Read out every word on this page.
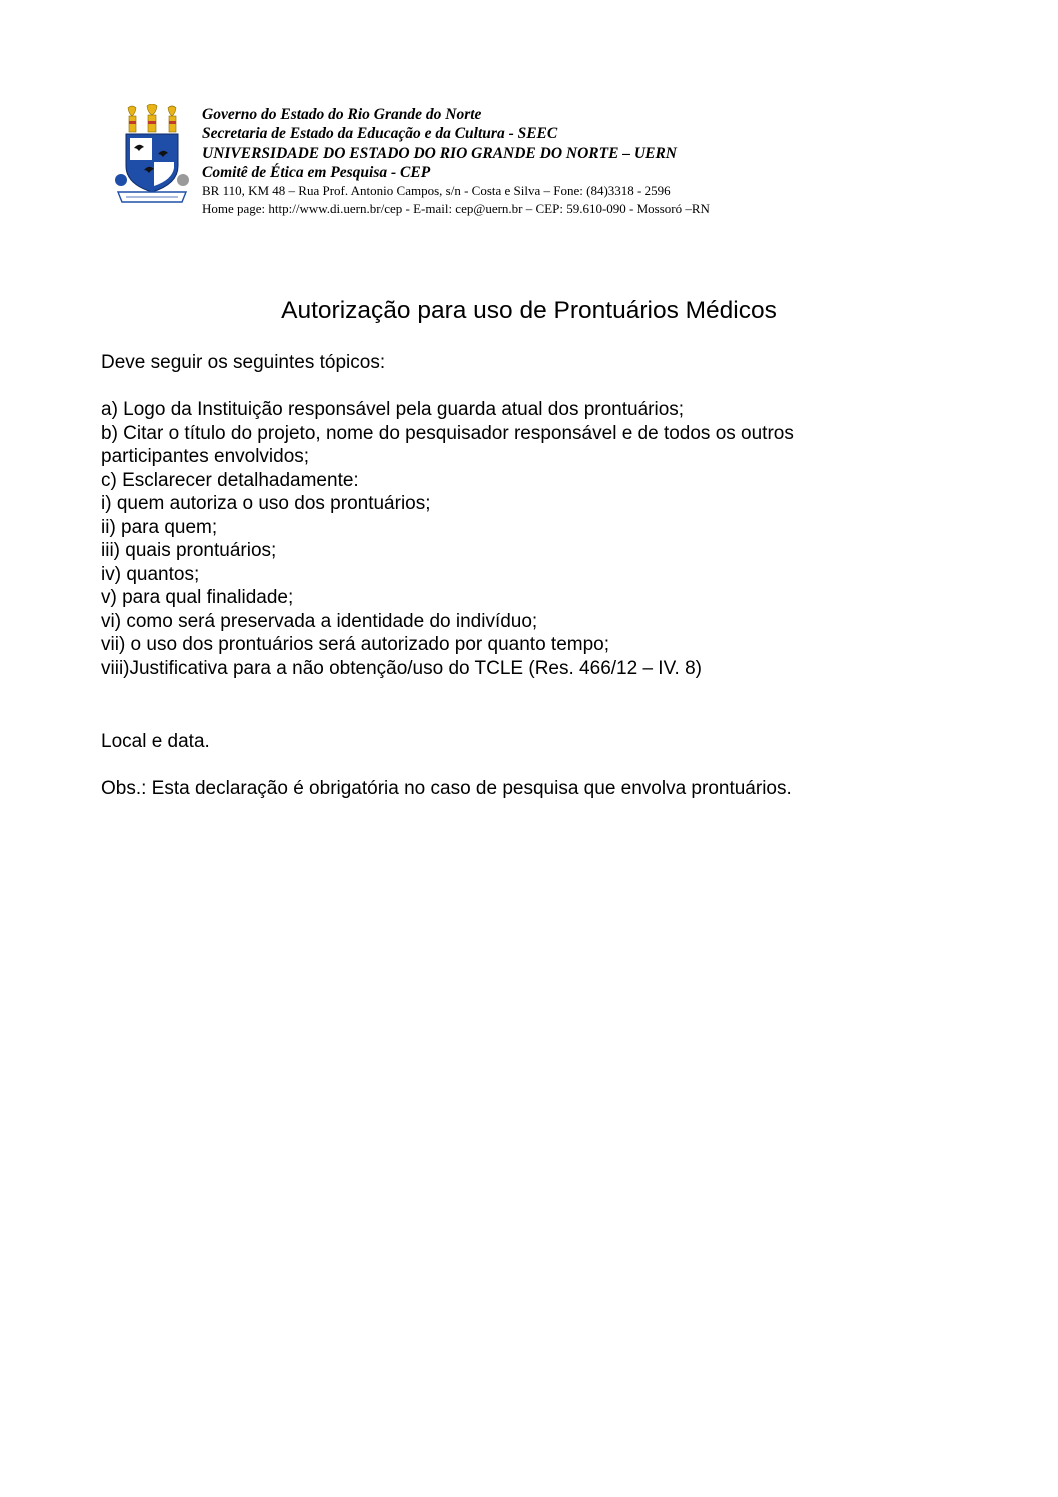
Governo do Estado do Rio Grande do Norte
Secretaria de Estado da Educação e da Cultura - SEEC
UNIVERSIDADE DO ESTADO DO RIO GRANDE DO NORTE – UERN
Comitê de Ética em Pesquisa - CEP
BR 110, KM 48 – Rua Prof. Antonio Campos, s/n - Costa e Silva – Fone: (84)3318 - 2596
Home page: http://www.di.uern.br/cep - E-mail: cep@uern.br – CEP: 59.610-090 - Mossoró –RN
Autorização para uso de Prontuários Médicos
Deve seguir os seguintes tópicos:
a) Logo da Instituição responsável pela guarda atual dos prontuários;
b) Citar o título do projeto, nome do pesquisador responsável e de todos os outros
participantes envolvidos;
c) Esclarecer detalhadamente:
i) quem autoriza o uso dos prontuários;
ii) para quem;
iii) quais prontuários;
iv) quantos;
v) para qual finalidade;
vi) como será preservada a identidade do indivíduo;
vii) o uso dos prontuários será autorizado por quanto tempo;
viii)Justificativa para a não obtenção/uso do TCLE (Res. 466/12 – IV. 8)
Local e data.
Obs.: Esta declaração é obrigatória no caso de pesquisa que envolva prontuários.
